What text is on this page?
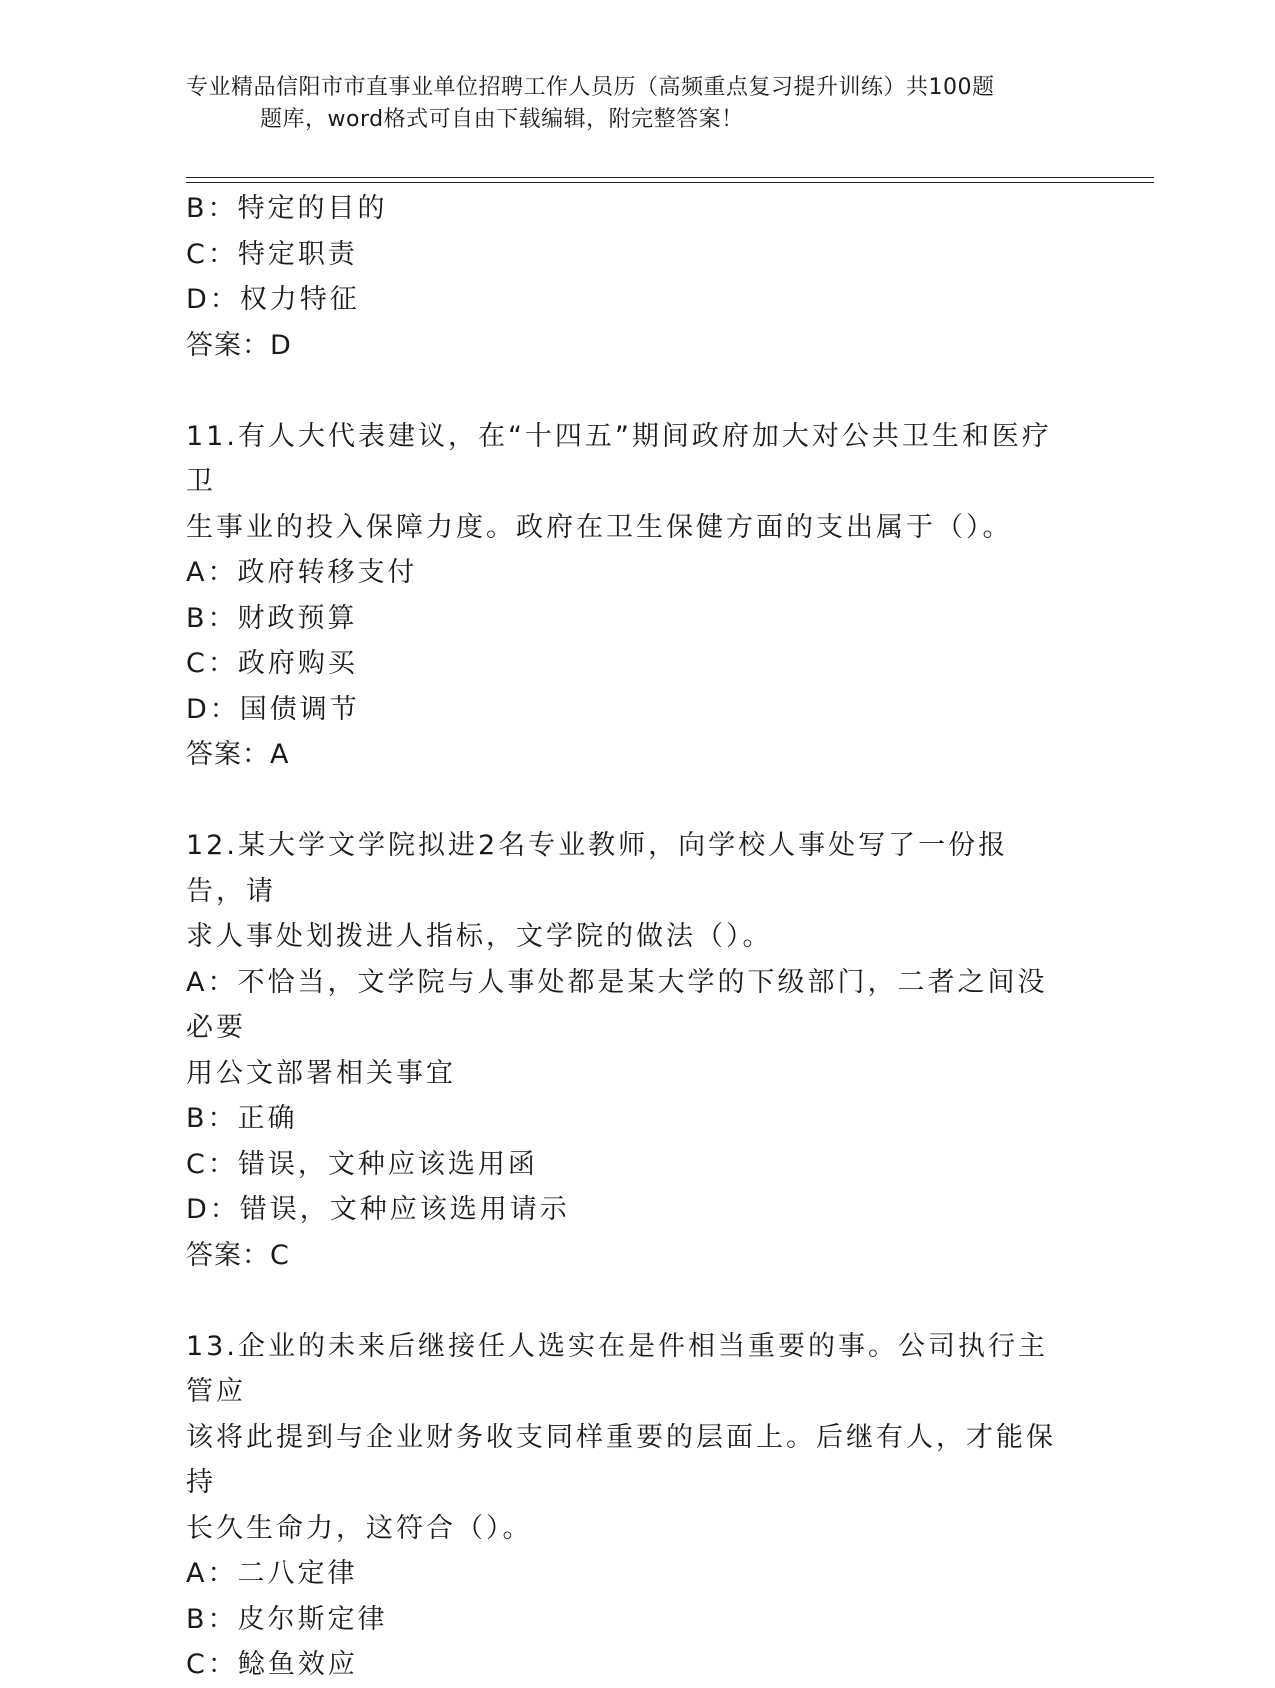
专业精品信阳市市直事业单位招聘工作人员历（高频重点复习提升训练）共100题

题库，word格式可自由下载编辑，附完整答案！

B：特定的目的

C：特定职责

D：权力特征

答案：D

11.有人大代表建议，在“十四五”期间政府加大对公共卫生和医疗卫

生事业的投入保障力度。政府在卫生保健方面的支出属于（）。

A：政府转移支付

B：财政预算

C：政府购买

D：国债调节

答案：A

12.某大学文学院拟进2名专业教师，向学校人事处写了一份报告，请

求人事处划拨进人指标，文学院的做法（）。

A：不恰当，文学院与人事处都是某大学的下级部门，二者之间没必要

用公文部署相关事宜

B：正确

C：错误，文种应该选用函

D：错误，文种应该选用请示

答案：C

13.企业的未来后继接任人选实在是件相当重要的事。公司执行主管应

该将此提到与企业财务收支同样重要的层面上。后继有人，才能保持

长久生命力，这符合（）。

A：二八定律

B：皮尔斯定律

C：鲶鱼效应
